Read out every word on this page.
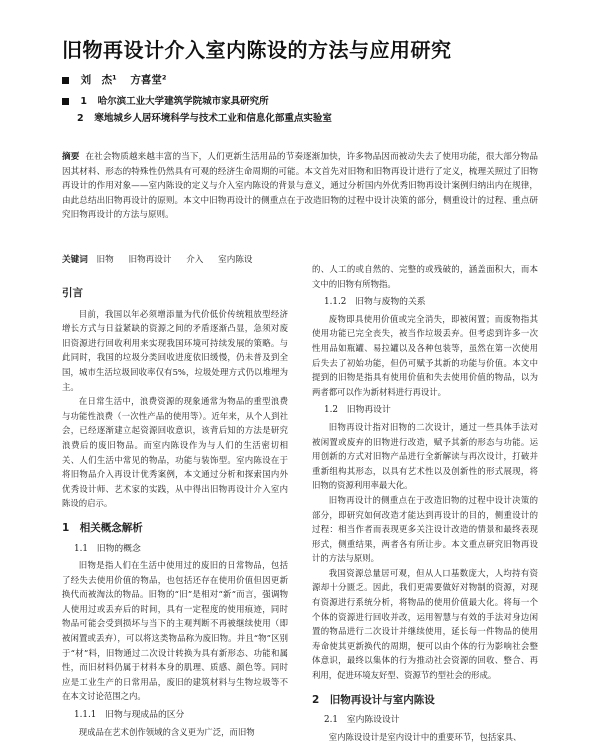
旧物再设计介入室内陈设的方法与应用研究
刘　杰¹ 方喜堂²
1 哈尔滨工业大学建筑学院城市家具研究所
2 寒地城乡人居环境科学与技术工业和信息化部重点实验室
摘要 在社会物质越来越丰富的当下，人们更新生活用品的节奏逐渐加快，许多物品因而被动失去了使用功能，很大部分物品因其材料、形态的特殊性仍然具有可观的经济生命周期的可能。本文首先对旧物和旧物再设计进行了定义，梳理关照过了旧物再设计的作用对象——室内陈设的定义与介入室内陈设的背景与意义，通过分析国内外优秀旧物再设计案例归纳出内在规律，由此总结出旧物再设计的原则。本文中旧物再设计的侧重点在于改造旧物的过程中设计决策的部分，侧重设计的过程、重点研究旧物再设计的方法与原则。
关键词 旧物 旧物再设计 介入 室内陈设
引言

目前，我国以年必须增添量为代价低价传统粗放型经济增长方式与日益紧缺的资源之间的矛盾逐渐凸显，急须对废旧资源进行回收利用来实现我国环境可持续发展的策略。与此同时，我国的垃圾分类回收进度依旧缓慢，仍未普及到全国，城市生活垃圾回收率仅有5%，垃圾处理方式仍以堆埋为主。

在日常生活中，浪费资源的现象通常为物品的重型浪费与功能性浪费（一次性产品的使用等）。近年来，从个人到社会，已经逐渐建立起资源回收意识，该背后知的方法是研究浪费后的废旧物品。而室内陈设作为与人们的生活密切相关、人们生活中常见的物品，功能与装饰型。室内陈设在于将旧物品介入再设计优秀案例，本文通过分析和探索国内外优秀设计师、艺术家的实践，从中得出旧物再设计介入室内陈设的启示。

1　相关概念解析
1.1　旧物的概念

旧物是指人们在生活中使用过的废旧的日常物品，包括了经失去使用价值的物品，也包括还存在使用价值但因更新换代而被淘汰的物品。旧物的“旧”是相对“新”而言，强调物人使用过或丢弃后的时间，具有一定程度的使用痕迹，同时物品可能会受到损坏与当下的主观判断不再被继续使用（即被闲置或丢弃），可以将这类物品称为废旧物。并且“物”区别于“材”料，旧物通过二次设计转换为具有新形态、功能和属性，而旧材料仍属于材料本身的肌理、质感、颜色等。同时应是工业生产的日常用品，废旧的建筑材料与生物垃圾等不在本文讨论范围之内。

1.1.1　旧物与现成品的区分

现成品在艺术创作领域的含义更为广泛，而旧物

的、人工的或自然的、完整的或残破的，涵盖面积大，而本文中的旧物有所物指。

1.1.2　旧物与废物的关系

废物即具使用价值或完全消失，即被闲置；而废物指其使用功能已完全丧失，被当作垃圾丢弃。但考虑到许多一次性用品如瓶罐、易拉罐以及各种包装等，虽然在第一次使用后失去了初始功能，但仍可赋予其新的功能与价值。本文中提到的旧物是指具有使用价值和失去使用价值的物品，以为两者都可以作为新材料进行再设计。

1.2　旧物再设计

旧物再设计指对旧物的二次设计，通过一些具体手法对被闲置或废弃的旧物进行改造，赋予其新的形态与功能。运用创新的方式对旧物产品进行全新解读与再次设计，打破并重新组构其形态，以具有艺术性以及创新性的形式展现，将旧物的资源利用率最大化。

旧物再设计的侧重点在于改造旧物的过程中设计决策的部分，即研究如何改造才能达到再设计的目的，侧重设计的过程：相当作者而表现更多关注设计改造的情景和最终表现形式，侧重结果，两者各有所让步。本文重点研究旧物再设计的方法与原则。

我国资源总量居可观，但从人口基数庞大，人均持有资源却十分匮乏。因此，我们更需要做好对物制的资源，对现有资源进行系统分析，将物品的使用价值最大化。将每一个个体的资源进行回收并改，运用智慧与有效的手法对身边闲置的物品进行二次设计并继续使用，延长每一件物品的使用寿命使其更新换代的周期，便可以由个体的行为影响社会整体意识，最终以集体的行为推动社会资源的回收、整合、再利用，促进环境友好型、资源节约型社会的形成。

2　旧物再设计与室内陈设
2.1　室内陈设设计

室内陈设设计是室内设计中的重要环节，包括家具、
